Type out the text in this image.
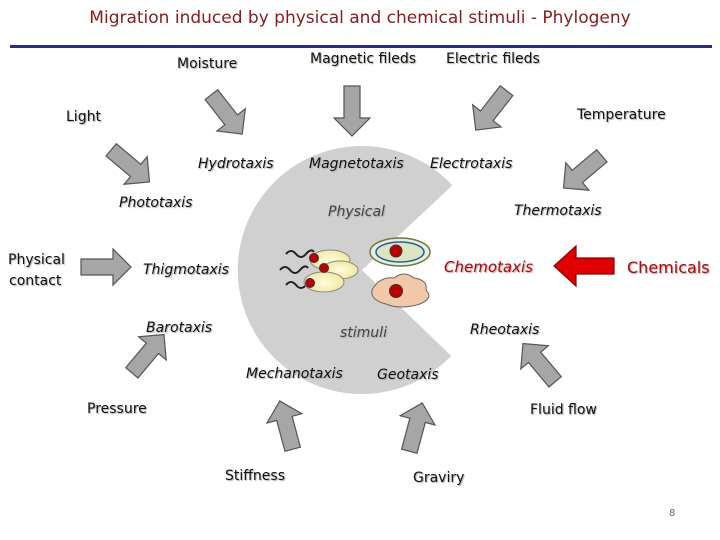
Migration induced by physical and chemical stimuli - Phylogeny
Moisture	Magnetic fileds Electric fileds
Light	Temperature
Physical
contact
Chemicals
Pressure	Fluid flow
Stiffness	Graviry
Hydrotaxis	Magnetotaxis Electrotaxis
Phototaxis	Thermotaxis
Thigmotaxis	Chemotaxis
Barotaxis	Rheotaxis
Mechanotaxis Geotaxis
Physical
stimuli
8
